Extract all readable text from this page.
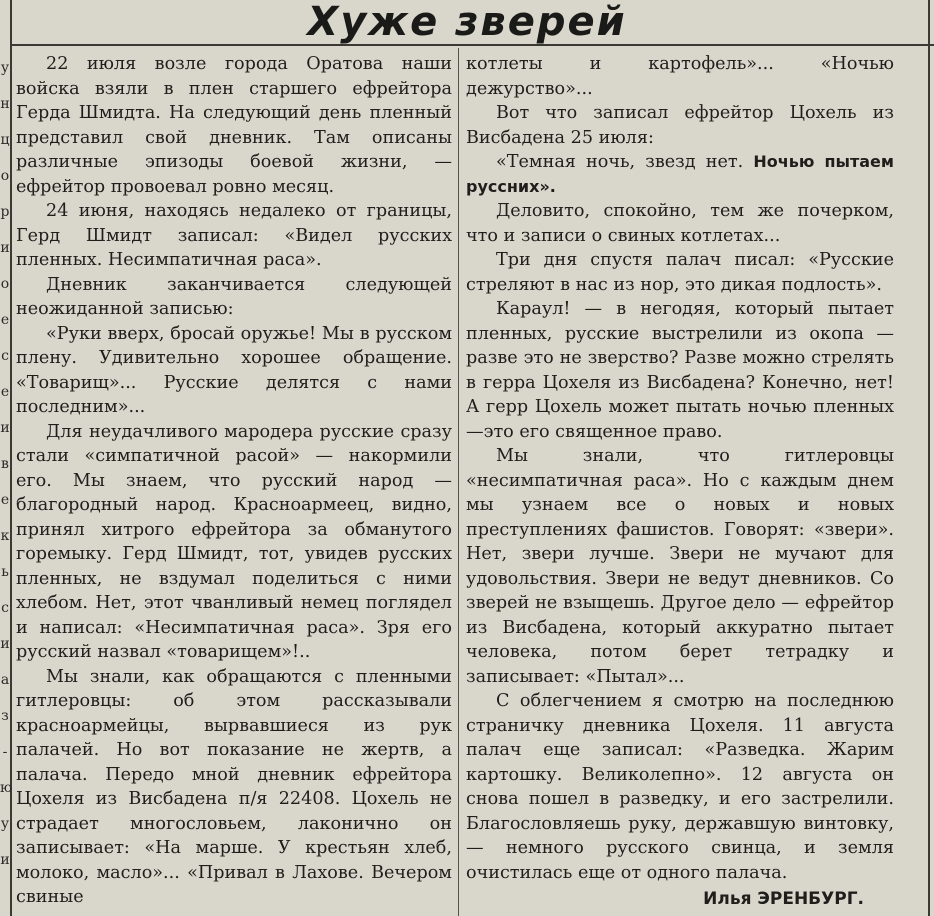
Хуже зверей
у
н
ц
о
р
и
о
е
с
е
и
в
е
к
ь
с
и
а
з
-
ю
у
и

22 июля возле города Оратова наши войска взяли в плен старшего ефрейтора Герда Шмидта. На следующий день пленный представил свой дневник. Там описаны различные эпизоды боевой жизни, — ефрейтор провоевал ровно месяц.

24 июня, находясь недалеко от границы, Герд Шмидт записал: «Видел русских пленных. Несимпатичная раса».

Дневник заканчивается следующей неожиданной записью:

«Руки вверх, бросай оружье! Мы в русском плену. Удивительно хорошее обращение. «Товарищ»... Русские делятся с нами последним»...

Для неудачливого мародера русские сразу стали «симпатичной расой» — накормили его. Мы знаем, что русский народ — благородный народ. Красноармеец, видно, принял хитрого ефрейтора за обманутого горемыку. Герд Шмидт, тот, увидев русских пленных, не вздумал поделиться с ними хлебом. Нет, этот чванливый немец поглядел и написал: «Несимпатичная раса». Зря его русский назвал «товарищем»!..

Мы знали, как обращаются с пленными гитлеровцы: об этом рассказывали красноармейцы, вырвавшиеся из рук палачей. Но вот показание не жертв, а палача. Передо мной дневник ефрейтора Цохеля из Висбадена п/я 22408. Цохель не страдает многословьем, лаконично он записывает: «На марше. У крестьян хлеб, молоко, масло»... «Привал в Лахове. Вечером свиные

котлеты и картофель»... «Ночью дежурство»...

Вот что записал ефрейтор Цохель из Висбадена 25 июля:

«Темная ночь, звезд нет. Ночью пытаем руссних».

Деловито, спокойно, тем же почерком, что и записи о свиных котлетах...

Три дня спустя палач писал: «Русские стреляют в нас из нор, это дикая подлость».

Караул! — в негодяя, который пытает пленных, русские выстрелили из окопа — разве это не зверство? Разве можно стрелять в герра Цохеля из Висбадена? Конечно, нет! А герр Цохель может пытать ночью пленных—это его священное право.

Мы знали, что гитлеровцы «несимпатичная раса». Но с каждым днем мы узнаем все о новых и новых преступлениях фашистов. Говорят: «звери». Нет, звери лучше. Звери не мучают для удовольствия. Звери не ведут дневников. Со зверей не взыщешь. Другое дело — ефрейтор из Висбадена, который аккуратно пытает человека, потом берет тетрадку и записывает: «Пытал»...

С облегчением я смотрю на последнюю страничку дневника Цохеля. 11 августа палач еще записал: «Разведка. Жарим картошку. Великолепно». 12 августа он снова пошел в разведку, и его застрелили. Благословляешь руку, державшую винтовку, — немного русского свинца, и земля очистилась еще от одного палача.

Илья ЭРЕНБУРГ.
